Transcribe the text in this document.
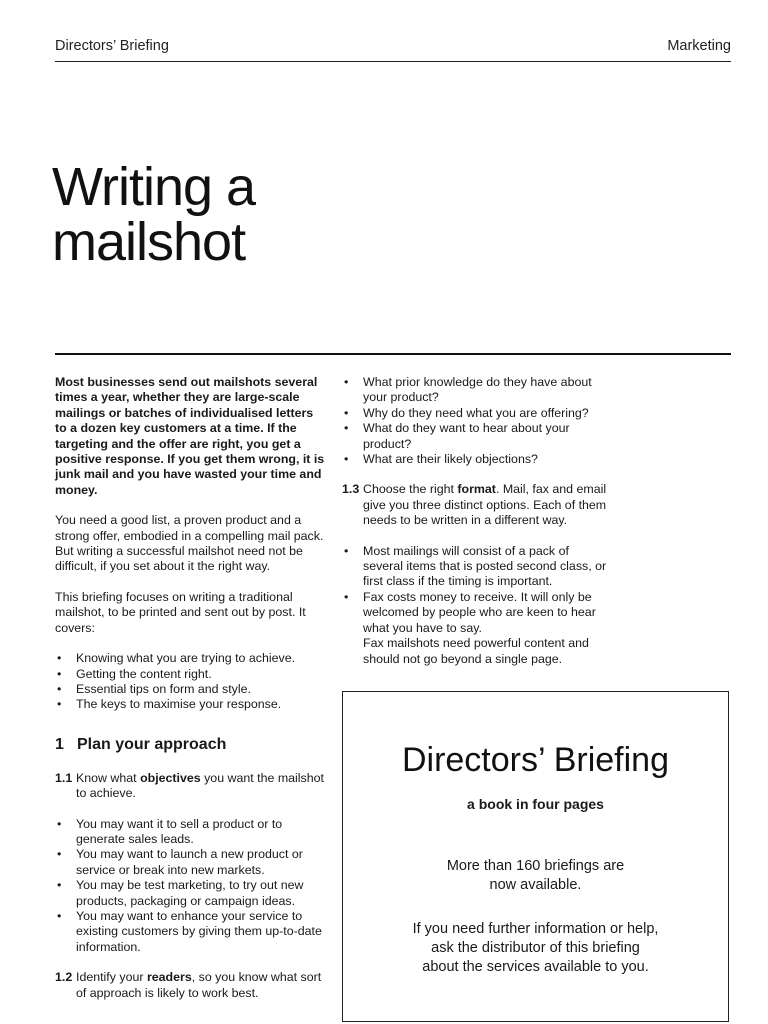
Directors’ Briefing	Marketing
Writing a
mailshot

Most businesses send out mailshots several times a year, whether they are large-scale mailings or batches of individualised letters to a dozen key customers at a time. If the targeting and the offer are right, you get a positive response. If you get them wrong, it is junk mail and you have wasted your time and money.

You need a good list, a proven product and a strong offer, embodied in a compelling mail pack. But writing a successful mailshot need not be difficult, if you set about it the right way.

This briefing focuses on writing a traditional mailshot, to be printed and sent out by post. It covers:

• Knowing what you are trying to achieve.
• Getting the content right.
• Essential tips on form and style.
• The keys to maximise your response.
1 Plan your approach
1.1 Know what objectives you want the mailshot to achieve.
• You may want it to sell a product or to generate sales leads.
• You may want to launch a new product or service or break into new markets.
• You may be test marketing, to try out new products, packaging or campaign ideas.
• You may want to enhance your service to existing customers by giving them up-to-date information.
1.2 Identify your readers, so you know what sort of approach is likely to work best.
• What prior knowledge do they have about your product?
• Why do they need what you are offering?
• What do they want to hear about your product?
• What are their likely objections?
1.3 Choose the right format. Mail, fax and email give you three distinct options. Each of them needs to be written in a different way.
• Most mailings will consist of a pack of several items that is posted second class, or first class if the timing is important.
• Fax costs money to receive. It will only be welcomed by people who are keen to hear what you have to say.
Fax mailshots need powerful content and should not go beyond a single page.
Directors’ Briefing
a book in four pages
More than 160 briefings are
now available.
If you need further information or help,
ask the distributor of this briefing
about the services available to you.
